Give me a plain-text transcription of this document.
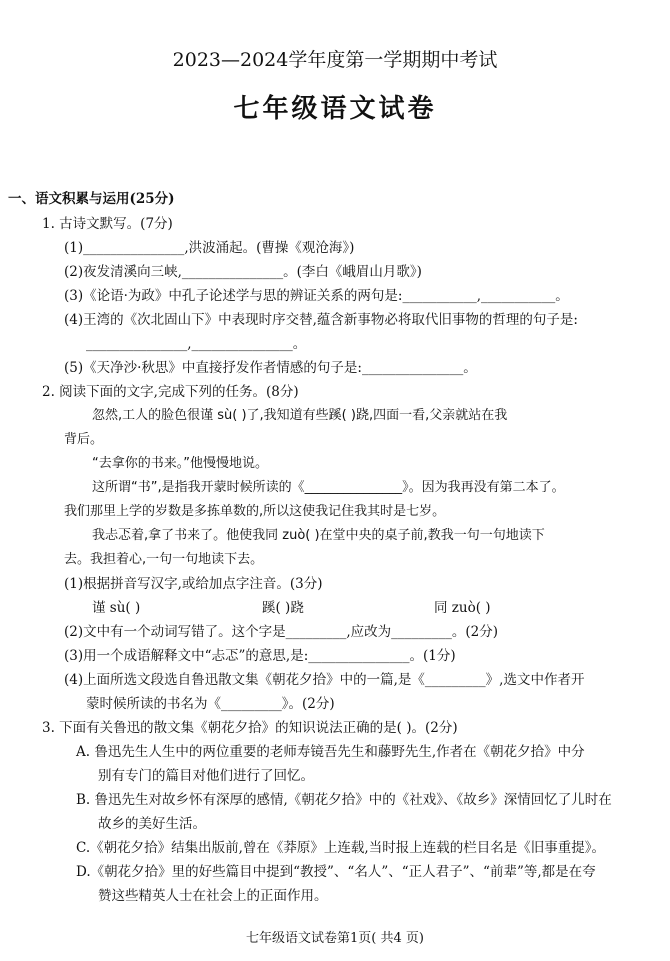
2023—2024学年度第一学期期中考试
七年级语文试卷
一、语文积累与运用(25分)
1. 古诗文默写。(7分)
(1)_______________,洪波涌起。(曹操《观沧海》)
(2)夜发清溪向三峡,_______________。(李白《峨眉山月歌》)
(3)《论语·为政》中孔子论述学与思的辨证关系的两句是:___________,___________。
(4)王湾的《次北固山下》中表现时序交替,蕴含新事物必将取代旧事物的哲理的句子是:
_______________,_______________。
(5)《天净沙·秋思》中直接抒发作者情感的句子是:_______________。
2. 阅读下面的文字,完成下列的任务。(8分)
忽然,工人的脸色很谨 sù( )了,我知道有些蹊( )跷,四面一看,父亲就站在我
背后。
“去拿你的书来。”他慢慢地说。
这所谓“书”,是指我开蒙时候所读的《_______________》。因为我再没有第二本了。
我们那里上学的岁数是多拣单数的,所以这使我记住我其时是七岁。
我忐忑着,拿了书来了。他使我同 zuò( )在堂中央的桌子前,教我一句一句地读下
去。我担着心,一句一句地读下去。
(1)根据拼音写汉字,或给加点字注音。(3分)
谨 sù( )	蹊( )跷	同 zuò( )
(2)文中有一个动词写错了。这个字是_________,应改为_________。(2分)
(3)用一个成语解释文中“忐忑”的意思,是:_______________。(1分)
(4)上面所选文段选自鲁迅散文集《朝花夕拾》中的一篇,是《_________》,选文中作者开
蒙时候所读的书名为《_________》。(2分)
3. 下面有关鲁迅的散文集《朝花夕拾》的知识说法正确的是( )。(2分)
A. 鲁迅先生人生中的两位重要的老师寿镜吾先生和藤野先生,作者在《朝花夕拾》中分
别有专门的篇目对他们进行了回忆。
B. 鲁迅先生对故乡怀有深厚的感情,《朝花夕拾》中的《社戏》、《故乡》深情回忆了儿时在
故乡的美好生活。
C.《朝花夕拾》结集出版前,曾在《莽原》上连载,当时报上连载的栏目名是《旧事重提》。
D.《朝花夕拾》里的好些篇目中提到“教授”、“名人”、“正人君子”、“前辈”等,都是在夸
赞这些精英人士在社会上的正面作用。
七年级语文试卷第1页( 共4 页)
